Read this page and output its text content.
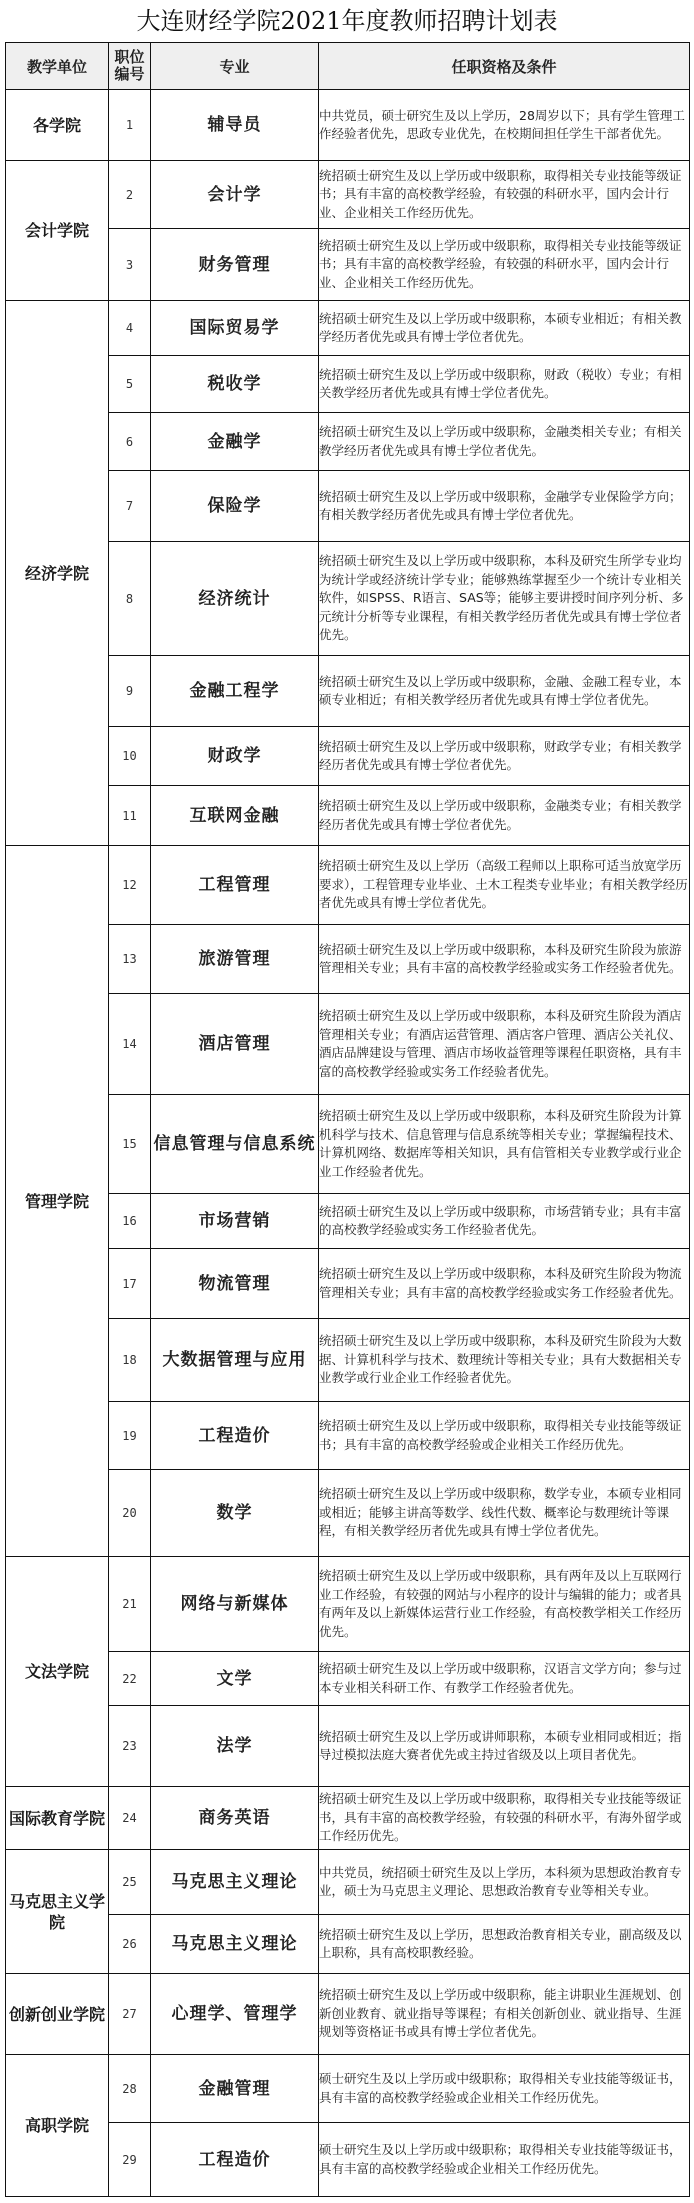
大连财经学院2021年度教师招聘计划表
教学单位	职位编号	专业	任职资格及条件
各学院	1	辅导员	中共党员，硕士研究生及以上学历，28周岁以下；具有学生管理工作经验者优先，思政专业优先，在校期间担任学生干部者优先。
会计学院	2	会计学	统招硕士研究生及以上学历或中级职称，取得相关专业技能等级证书；具有丰富的高校教学经验，有较强的科研水平，国内会计行业、企业相关工作经历优先。
	3	财务管理	统招硕士研究生及以上学历或中级职称，取得相关专业技能等级证书；具有丰富的高校教学经验，有较强的科研水平，国内会计行业、企业相关工作经历优先。
经济学院	4	国际贸易学	统招硕士研究生及以上学历或中级职称，本硕专业相近；有相关教学经历者优先或具有博士学位者优先。
	5	税收学	统招硕士研究生及以上学历或中级职称，财政（税收）专业；有相关教学经历者优先或具有博士学位者优先。
	6	金融学	统招硕士研究生及以上学历或中级职称，金融类相关专业；有相关教学经历者优先或具有博士学位者优先。
	7	保险学	统招硕士研究生及以上学历或中级职称，金融学专业保险学方向；有相关教学经历者优先或具有博士学位者优先。
	8	经济统计	统招硕士研究生及以上学历或中级职称，本科及研究生所学专业均为统计学或经济统计学专业；能够熟练掌握至少一个统计专业相关软件，如SPSS、R语言、SAS等；能够主要讲授时间序列分析、多元统计分析等专业课程，有相关教学经历者优先或具有博士学位者优先。
	9	金融工程学	统招硕士研究生及以上学历或中级职称，金融、金融工程专业，本硕专业相近；有相关教学经历者优先或具有博士学位者优先。
	10	财政学	统招硕士研究生及以上学历或中级职称，财政学专业；有相关教学经历者优先或具有博士学位者优先。
	11	互联网金融	统招硕士研究生及以上学历或中级职称，金融类专业；有相关教学经历者优先或具有博士学位者优先。
管理学院	12	工程管理	统招硕士研究生及以上学历（高级工程师以上职称可适当放宽学历要求），工程管理专业毕业、土木工程类专业毕业；有相关教学经历者优先或具有博士学位者优先。
	13	旅游管理	统招硕士研究生及以上学历或中级职称，本科及研究生阶段为旅游管理相关专业；具有丰富的高校教学经验或实务工作经验者优先。
	14	酒店管理	统招硕士研究生及以上学历或中级职称，本科及研究生阶段为酒店管理相关专业；有酒店运营管理、酒店客户管理、酒店公关礼仪、酒店品牌建设与管理、酒店市场收益管理等课程任职资格，具有丰富的高校教学经验或实务工作经验者优先。
	15	信息管理与信息系统	统招硕士研究生及以上学历或中级职称，本科及研究生阶段为计算机科学与技术、信息管理与信息系统等相关专业；掌握编程技术、计算机网络、数据库等相关知识，具有信管相关专业教学或行业企业工作经验者优先。
	16	市场营销	统招硕士研究生及以上学历或中级职称，市场营销专业；具有丰富的高校教学经验或实务工作经验者优先。
	17	物流管理	统招硕士研究生及以上学历或中级职称，本科及研究生阶段为物流管理相关专业；具有丰富的高校教学经验或实务工作经验者优先。
	18	大数据管理与应用	统招硕士研究生及以上学历或中级职称，本科及研究生阶段为大数据、计算机科学与技术、数理统计等相关专业；具有大数据相关专业教学或行业企业工作经验者优先。
	19	工程造价	统招硕士研究生及以上学历或中级职称，取得相关专业技能等级证书；具有丰富的高校教学经验或企业相关工作经历优先。
	20	数学	统招硕士研究生及以上学历或中级职称，数学专业，本硕专业相同或相近；能够主讲高等数学、线性代数、概率论与数理统计等课程，有相关教学经历者优先或具有博士学位者优先。
文法学院	21	网络与新媒体	统招硕士研究生及以上学历或中级职称，具有两年及以上互联网行业工作经验，有较强的网站与小程序的设计与编辑的能力；或者具有两年及以上新媒体运营行业工作经验，有高校教学相关工作经历优先。
	22	文学	统招硕士研究生及以上学历或中级职称，汉语言文学方向；参与过本专业相关科研工作、有教学工作经验者优先。
	23	法学	统招硕士研究生及以上学历或讲师职称，本硕专业相同或相近；指导过模拟法庭大赛者优先或主持过省级及以上项目者优先。
国际教育学院	24	商务英语	统招硕士研究生及以上学历或中级职称，取得相关专业技能等级证书，具有丰富的高校教学经验，有较强的科研水平，有海外留学或工作经历优先。
马克思主义学院	25	马克思主义理论	中共党员，统招硕士研究生及以上学历，本科须为思想政治教育专业，硕士为马克思主义理论、思想政治教育专业等相关专业。
	26	马克思主义理论	统招硕士研究生及以上学历，思想政治教育相关专业，副高级及以上职称，具有高校职教经验。
创新创业学院	27	心理学、管理学	统招硕士研究生及以上学历或中级职称，能主讲职业生涯规划、创新创业教育、就业指导等课程；有相关创新创业、就业指导、生涯规划等资格证书或具有博士学位者优先。
高职学院	28	金融管理	硕士研究生及以上学历或中级职称；取得相关专业技能等级证书，具有丰富的高校教学经验或企业相关工作经历优先。
	29	工程造价	硕士研究生及以上学历或中级职称；取得相关专业技能等级证书，具有丰富的高校教学经验或企业相关工作经历优先。
